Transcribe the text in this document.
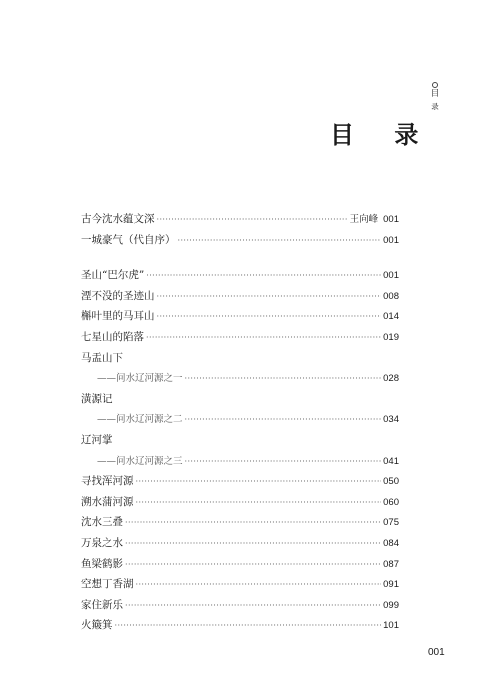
目
录
目 录
古今沈水蕴文深 ·····	王向峰 001
一城豪气（代自序） ·····	001
圣山“巴尔虎” ·····	001
湮不没的圣迹山 ·····	008
槲叶里的马耳山 ·····	014
七星山的陷落 ·····	019
马盂山下
——问水辽河源之一 ·····	028
潢源记
——问水辽河源之二 ·····	034
辽河掌
——问水辽河源之三 ·····	041
寻找浑河源 ·····	050
溯水蒲河源 ·····	060
沈水三叠 ·····	075
万泉之水 ·····	084
鱼梁鹤影 ·····	087
空想丁香湖 ·····	091
家住新乐 ·····	099
火簸箕 ·····	101
001
